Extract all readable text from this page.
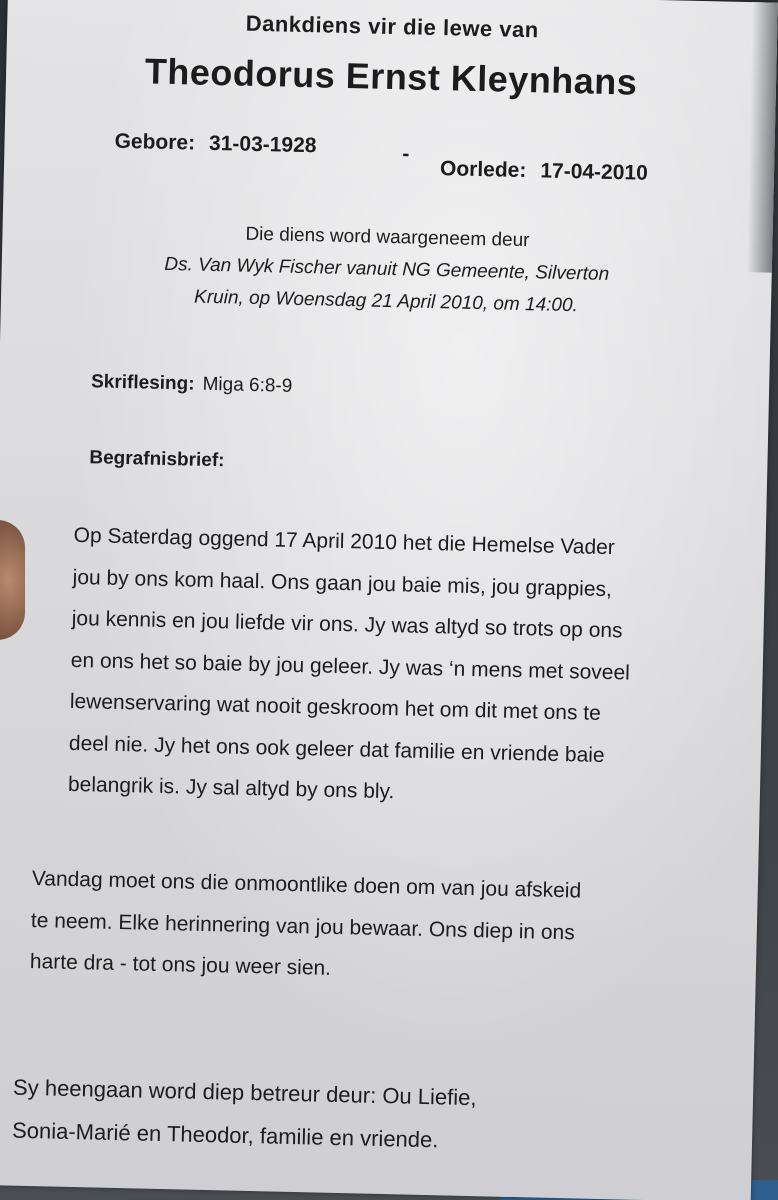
Dankdiens vir die lewe van
Theodorus Ernst Kleynhans
Gebore: 31-03-1928	-
Oorlede: 17-04-2010
Die diens word waargeneem deur
Ds. Van Wyk Fischer vanuit NG Gemeente, Silverton
Kruin, op Woensdag 21 April 2010, om 14:00.
Skriflesing: Miga 6:8-9
Begrafnisbrief:
Op Saterdag oggend 17 April 2010 het die Hemelse Vader
jou by ons kom haal. Ons gaan jou baie mis, jou grappies,
jou kennis en jou liefde vir ons. Jy was altyd so trots op ons
en ons het so baie by jou geleer. Jy was ‘n mens met soveel
lewenservaring wat nooit geskroom het om dit met ons te
deel nie. Jy het ons ook geleer dat familie en vriende baie
belangrik is. Jy sal altyd by ons bly.
Vandag moet ons die onmoontlike doen om van jou afskeid
te neem. Elke herinnering van jou bewaar. Ons diep in ons
harte dra - tot ons jou weer sien.
Sy heengaan word diep betreur deur: Ou Liefie,
Sonia-Marié en Theodor, familie en vriende.
